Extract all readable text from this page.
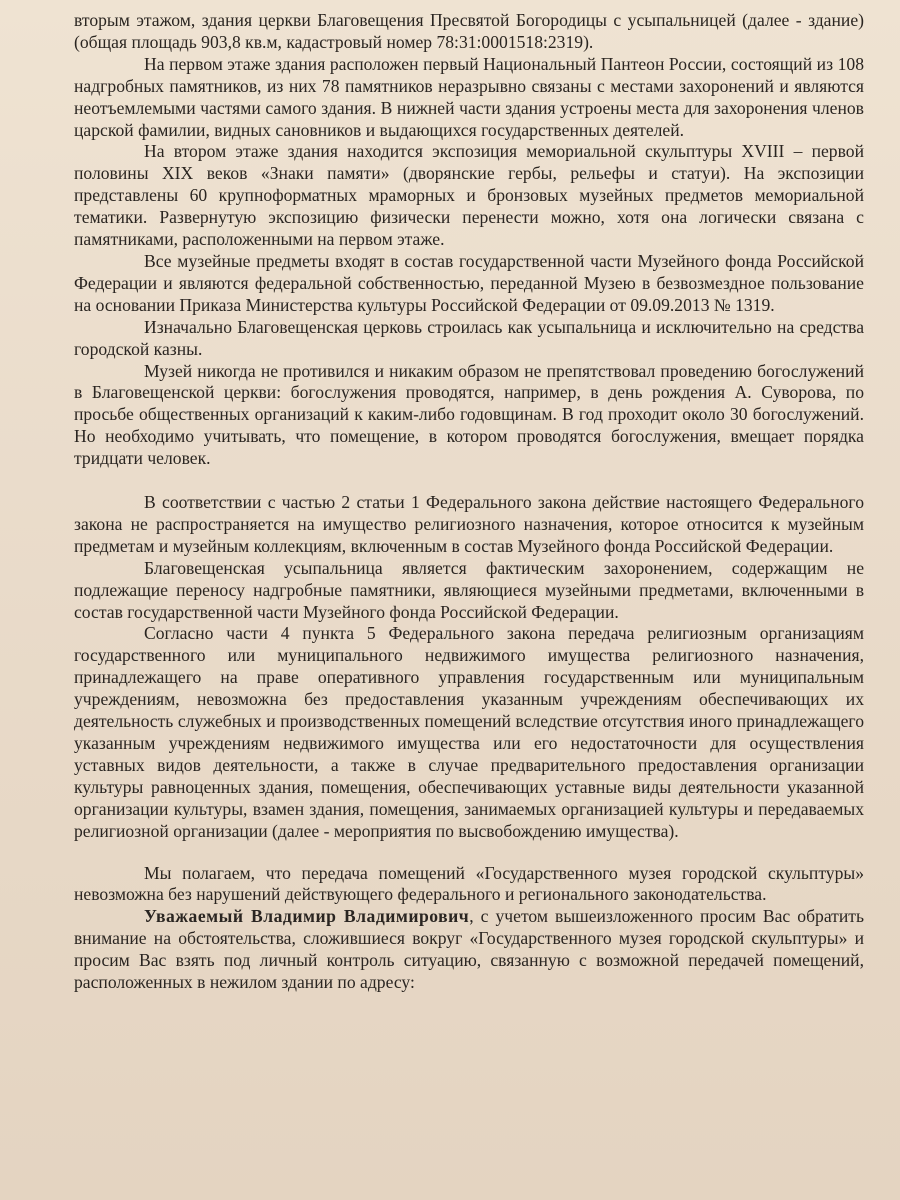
вторым этажом, здания церкви Благовещения Пресвятой Богородицы с усыпальницей (далее - здание) (общая площадь 903,8 кв.м, кадастровый номер 78:31:0001518:2319).

На первом этаже здания расположен первый Национальный Пантеон России, состоящий из 108 надгробных памятников, из них 78 памятников неразрывно связаны с местами захоронений и являются неотъемлемыми частями самого здания. В нижней части здания устроены места для захоронения членов царской фамилии, видных сановников и выдающихся государственных деятелей.

На втором этаже здания находится экспозиция мемориальной скульптуры XVIII – первой половины XIX веков «Знаки памяти» (дворянские гербы, рельефы и статуи). На экспозиции представлены 60 крупноформатных мраморных и бронзовых музейных предметов мемориальной тематики. Развернутую экспозицию физически перенести можно, хотя она логически связана с памятниками, расположенными на первом этаже.

Все музейные предметы входят в состав государственной части Музейного фонда Российской Федерации и являются федеральной собственностью, переданной Музею в безвозмездное пользование на основании Приказа Министерства культуры Российской Федерации от 09.09.2013 № 1319.

Изначально Благовещенская церковь строилась как усыпальница и исключительно на средства городской казны.

Музей никогда не противился и никаким образом не препятствовал проведению богослужений в Благовещенской церкви: богослужения проводятся, например, в день рождения А. Суворова, по просьбе общественных организаций к каким-либо годовщинам. В год проходит около 30 богослужений. Но необходимо учитывать, что помещение, в котором проводятся богослужения, вмещает порядка тридцати человек.

В соответствии с частью 2 статьи 1 Федерального закона действие настоящего Федерального закона не распространяется на имущество религиозного назначения, которое относится к музейным предметам и музейным коллекциям, включенным в состав Музейного фонда Российской Федерации.

Благовещенская усыпальница является фактическим захоронением, содержащим не подлежащие переносу надгробные памятники, являющиеся музейными предметами, включенными в состав государственной части Музейного фонда Российской Федерации.

Согласно части 4 пункта 5 Федерального закона передача религиозным организациям государственного или муниципального недвижимого имущества религиозного назначения, принадлежащего на праве оперативного управления государственным или муниципальным учреждениям, невозможна без предоставления указанным учреждениям обеспечивающих их деятельность служебных и производственных помещений вследствие отсутствия иного принадлежащего указанным учреждениям недвижимого имущества или его недостаточности для осуществления уставных видов деятельности, а также в случае предварительного предоставления организации культуры равноценных здания, помещения, обеспечивающих уставные виды деятельности указанной организации культуры, взамен здания, помещения, занимаемых организацией культуры и передаваемых религиозной организации (далее - мероприятия по высвобождению имущества).

Мы полагаем, что передача помещений «Государственного музея городской скульптуры» невозможна без нарушений действующего федерального и регионального законодательства.

Уважаемый Владимир Владимирович, с учетом вышеизложенного просим Вас обратить внимание на обстоятельства, сложившиеся вокруг «Государственного музея городской скульптуры» и просим Вас взять под личный контроль ситуацию, связанную с возможной передачей помещений, расположенных в нежилом здании по адресу:
